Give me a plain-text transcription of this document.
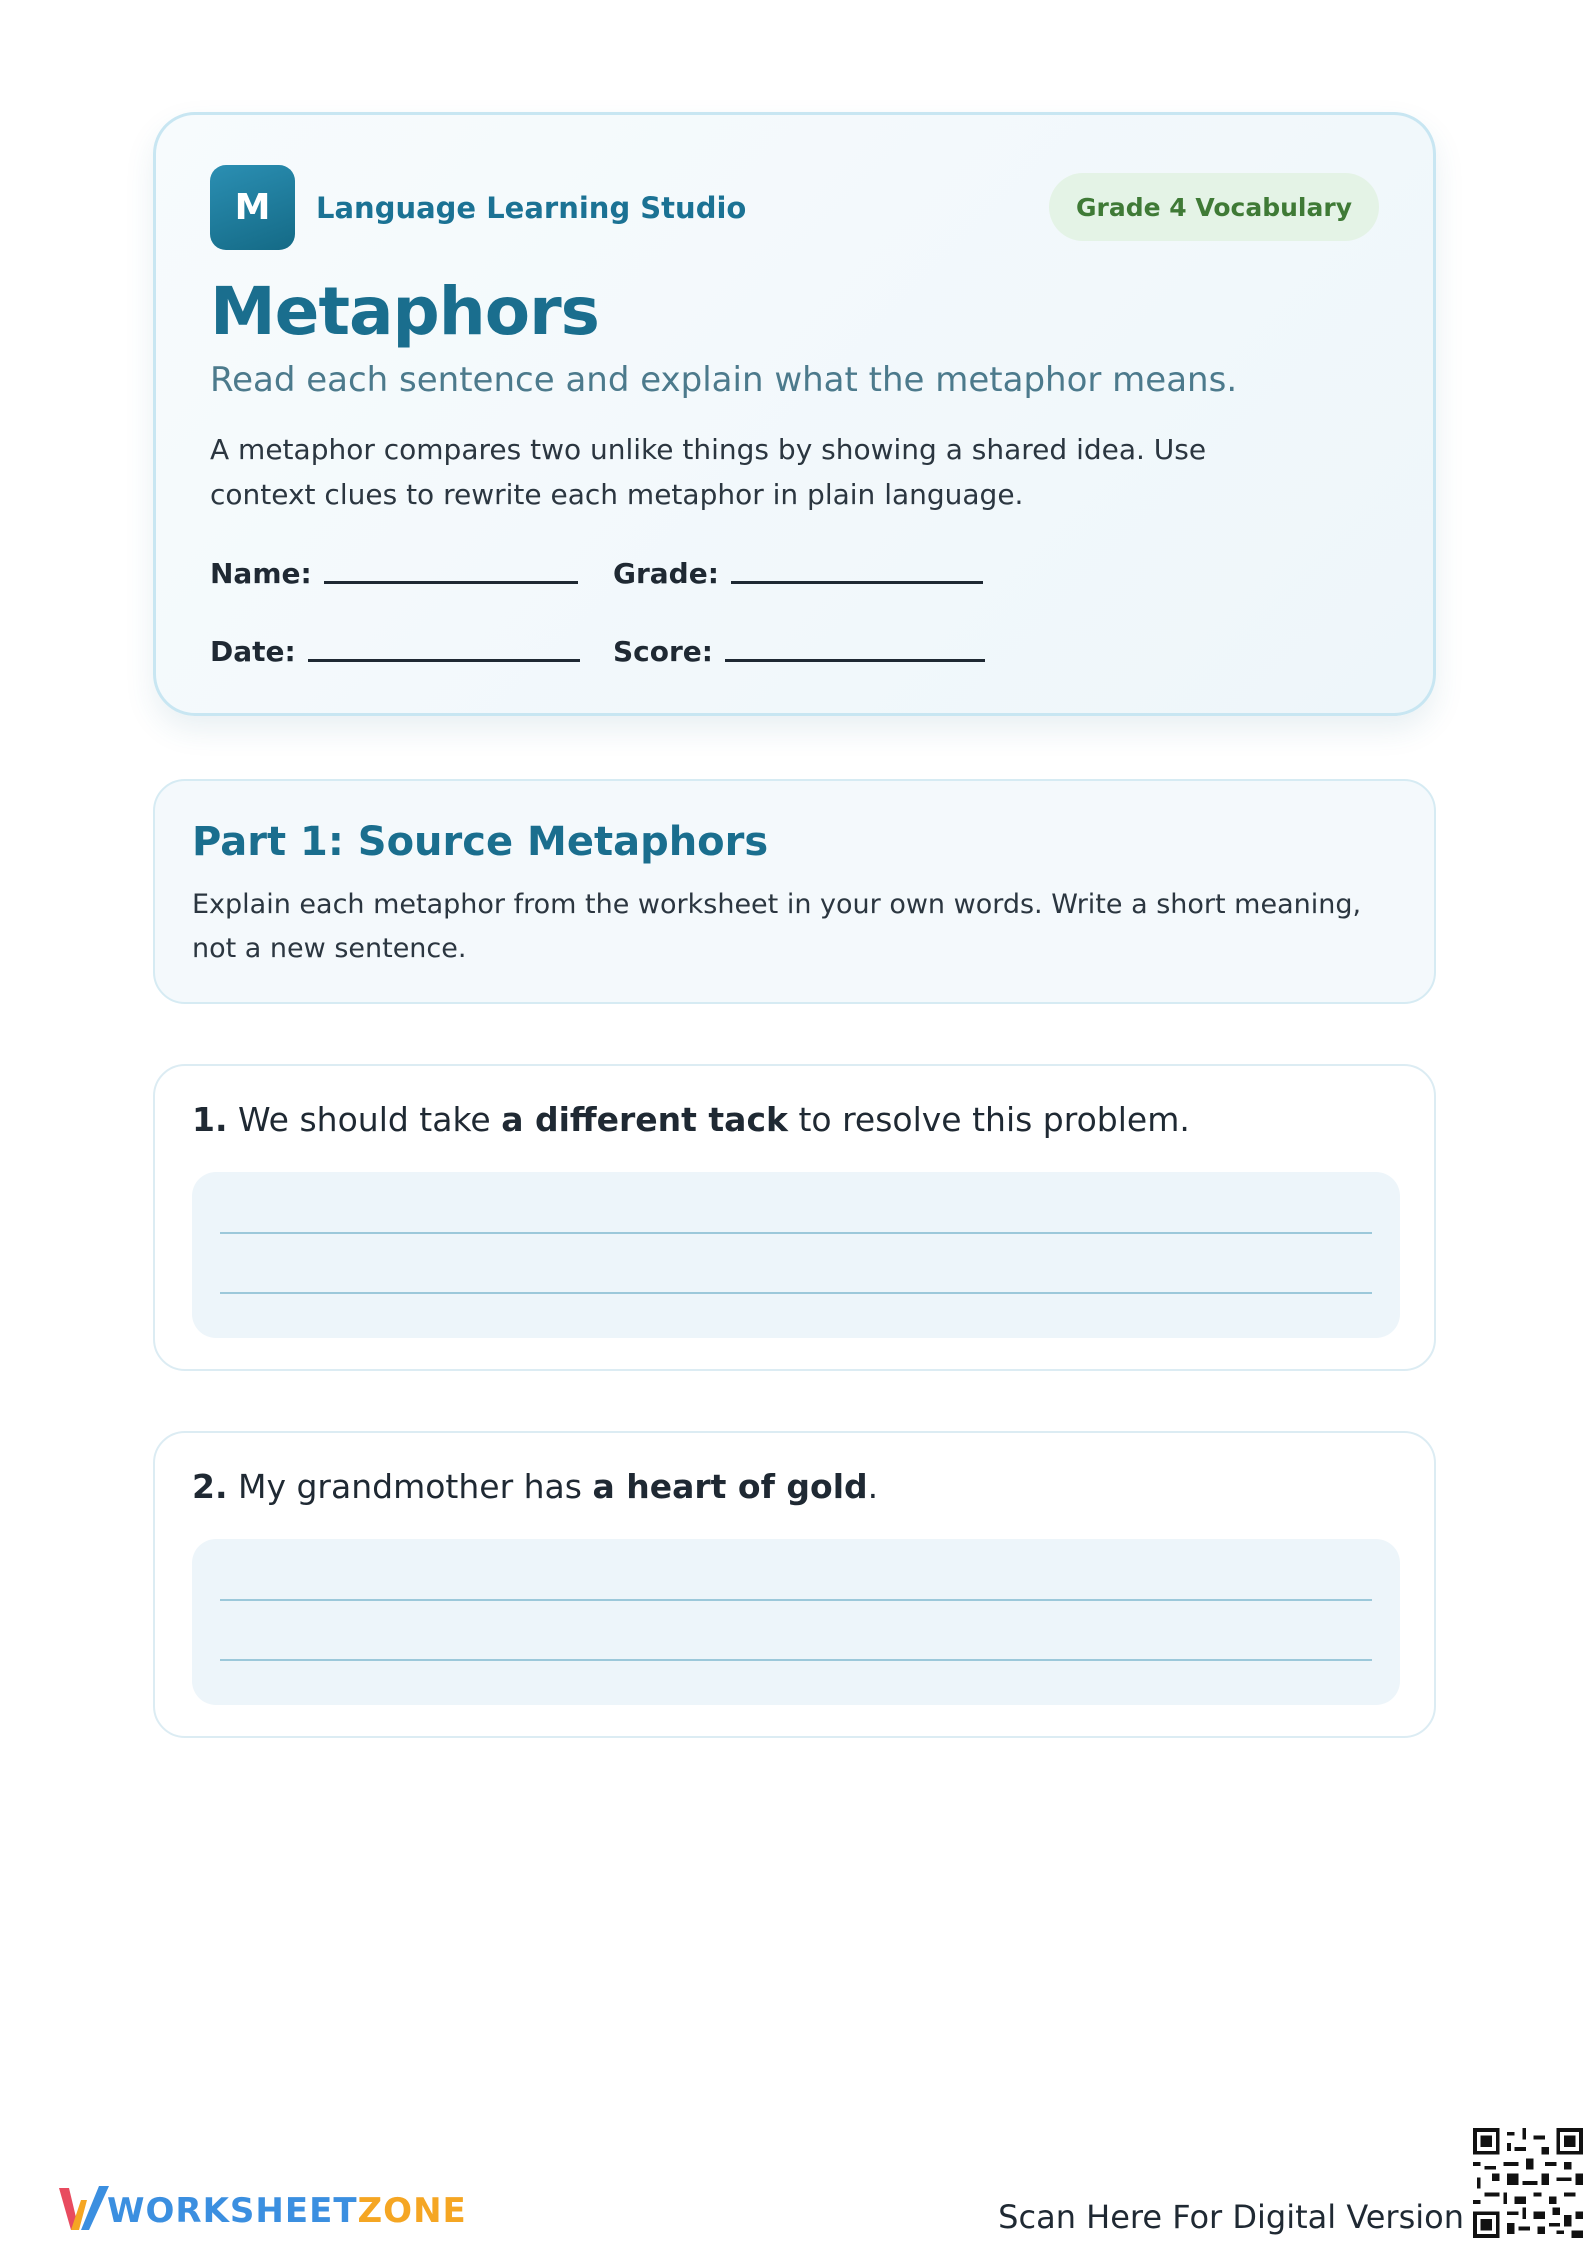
M	Language Learning Studio	Grade 4 Vocabulary
Metaphors
Read each sentence and explain what the metaphor means.
A metaphor compares two unlike things by showing a shared idea. Use context clues to rewrite each metaphor in plain language.
Name:	Grade:
Date:	Score:
Part 1: Source Metaphors
Explain each metaphor from the worksheet in your own words. Write a short meaning, not a new sentence.
1. We should take a different tack to resolve this problem.
2. My grandmother has a heart of gold.
WORKSHEETZONE	Scan Here For Digital Version
